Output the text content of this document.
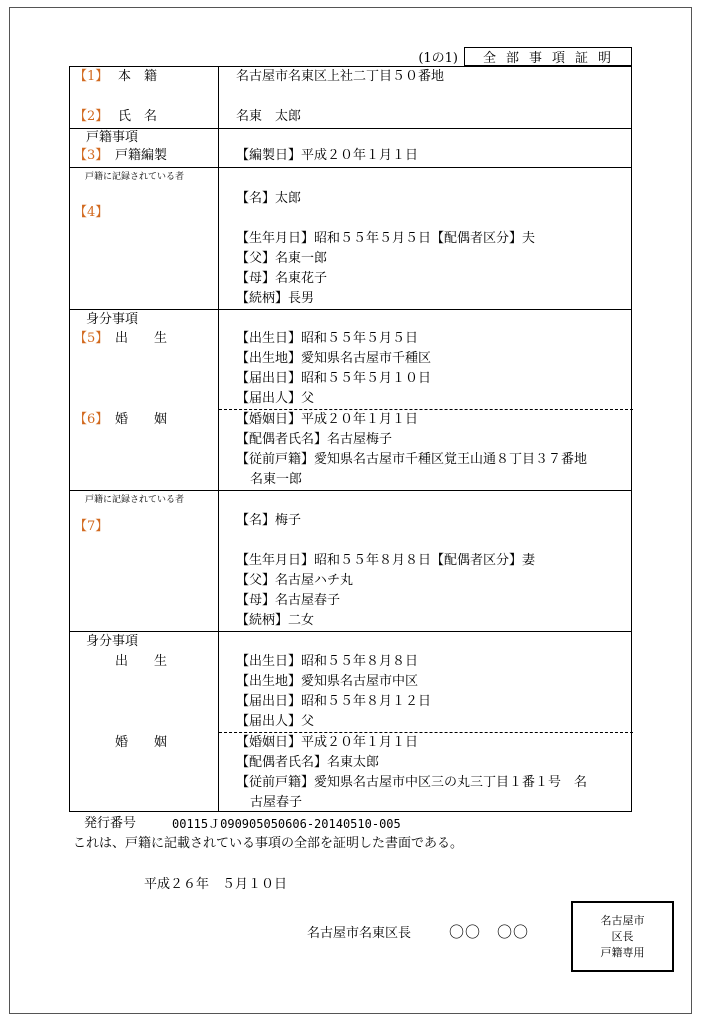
(1の1)	全部事項証明
【1】 本　籍	名古屋市名東区上社二丁目５０番地
【2】 氏　名	名東　太郎
戸籍事項
【3】 戸籍編製	【編製日】平成２０年１月１日
戸籍に記録されている者
【4】
【名】太郎
【生年月日】昭和５５年５月５日【配偶者区分】夫
【父】名東一郎
【母】名東花子
【続柄】長男
身分事項
【5】 出　　生	【出生日】昭和５５年５月５日
【出生地】愛知県名古屋市千種区
【届出日】昭和５５年５月１０日
【届出人】父
【6】 婚　　姻	【婚姻日】平成２０年１月１日
【配偶者氏名】名古屋梅子
【従前戸籍】愛知県名古屋市千種区覚王山通８丁目３７番地
名東一郎
戸籍に記録されている者
【7】	【名】梅子
【生年月日】昭和５５年８月８日【配偶者区分】妻
【父】名古屋ハチ丸
【母】名古屋春子
【続柄】二女
身分事項
出　　生	【出生日】昭和５５年８月８日
【出生地】愛知県名古屋市中区
【届出日】昭和５５年８月１２日
【届出人】父
婚　　姻	【婚姻日】平成２０年１月１日
【配偶者氏名】名東太郎
【従前戸籍】愛知県名古屋市中区三の丸三丁目１番１号　名
古屋春子
発行番号	00115Ｊ090905050606-20140510-005
これは、戸籍に記載されている事項の全部を証明した書面である。
平成２６年　５月１０日
名古屋市名東区長	〇〇　〇〇
名古屋市
区長
戸籍専用
